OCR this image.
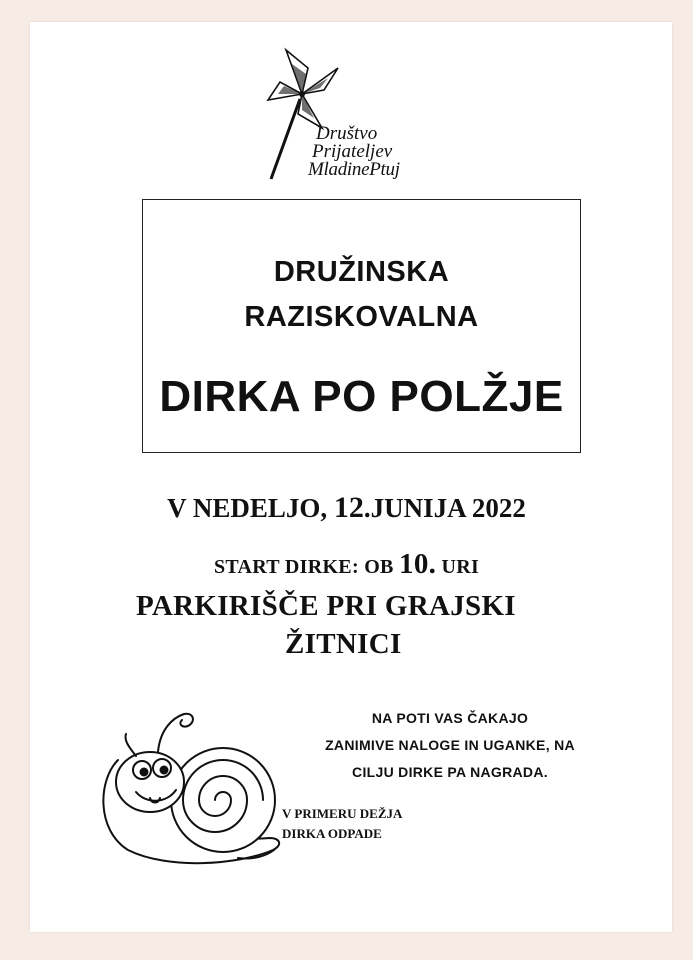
Društvo
Prijateljev
MladinePtuj
DRUŽINSKA
RAZISKOVALNA
DIRKA PO POLŽJE
V NEDELJO, 12.JUNIJA 2022
START DIRKE: OB 10. URI
PARKIRIŠČE PRI GRAJSKI
ŽITNICI
NA POTI VAS ČAKAJO
ZANIMIVE NALOGE IN UGANKE, NA
CILJU DIRKE PA NAGRADA.
V PRIMERU DEŽJA
DIRKA ODPADE
